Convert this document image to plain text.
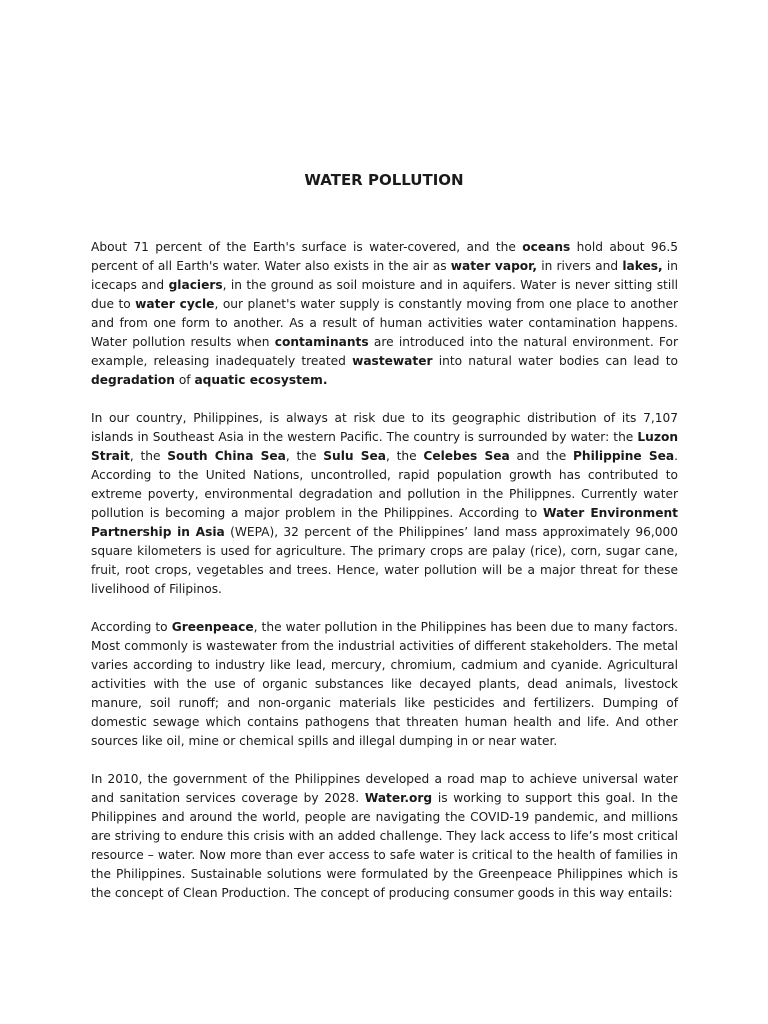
WATER POLLUTION

About 71 percent of the Earth's surface is water-covered, and the oceans hold about 96.5 percent of all Earth's water. Water also exists in the air as water vapor, in rivers and lakes, in icecaps and glaciers, in the ground as soil moisture and in aquifers. Water is never sitting still due to water cycle, our planet's water supply is constantly moving from one place to another and from one form to another. As a result of human activities water contamination happens. Water pollution results when contaminants are introduced into the natural environment. For example, releasing inadequately treated wastewater into natural water bodies can lead to degradation of aquatic ecosystem.

In our country, Philippines, is always at risk due to its geographic distribution of its 7,107 islands in Southeast Asia in the western Pacific. The country is surrounded by water: the Luzon Strait, the South China Sea, the Sulu Sea, the Celebes Sea and the Philippine Sea. According to the United Nations, uncontrolled, rapid population growth has contributed to extreme poverty, environmental degradation and pollution in the Philippnes. Currently water pollution is becoming a major problem in the Philippines. According to Water Environment Partnership in Asia (WEPA), 32 percent of the Philippines’ land mass approximately 96,000 square kilometers is used for agriculture. The primary crops are palay (rice), corn, sugar cane, fruit, root crops, vegetables and trees. Hence, water pollution will be a major threat for these livelihood of Filipinos.

According to Greenpeace, the water pollution in the Philippines has been due to many factors. Most commonly is wastewater from the industrial activities of different stakeholders. The metal varies according to industry like lead, mercury, chromium, cadmium and cyanide. Agricultural activities with the use of organic substances like decayed plants, dead animals, livestock manure, soil runoff; and non-organic materials like pesticides and fertilizers. Dumping of domestic sewage which contains pathogens that threaten human health and life. And other sources like oil, mine or chemical spills and illegal dumping in or near water.

In 2010, the government of the Philippines developed a road map to achieve universal water and sanitation services coverage by 2028. Water.org is working to support this goal. In the Philippines and around the world, people are navigating the COVID-19 pandemic, and millions are striving to endure this crisis with an added challenge. They lack access to life’s most critical resource – water. Now more than ever access to safe water is critical to the health of families in the Philippines. Sustainable solutions were formulated by the Greenpeace Philippines which is the concept of Clean Production. The concept of producing consumer goods in this way entails:
